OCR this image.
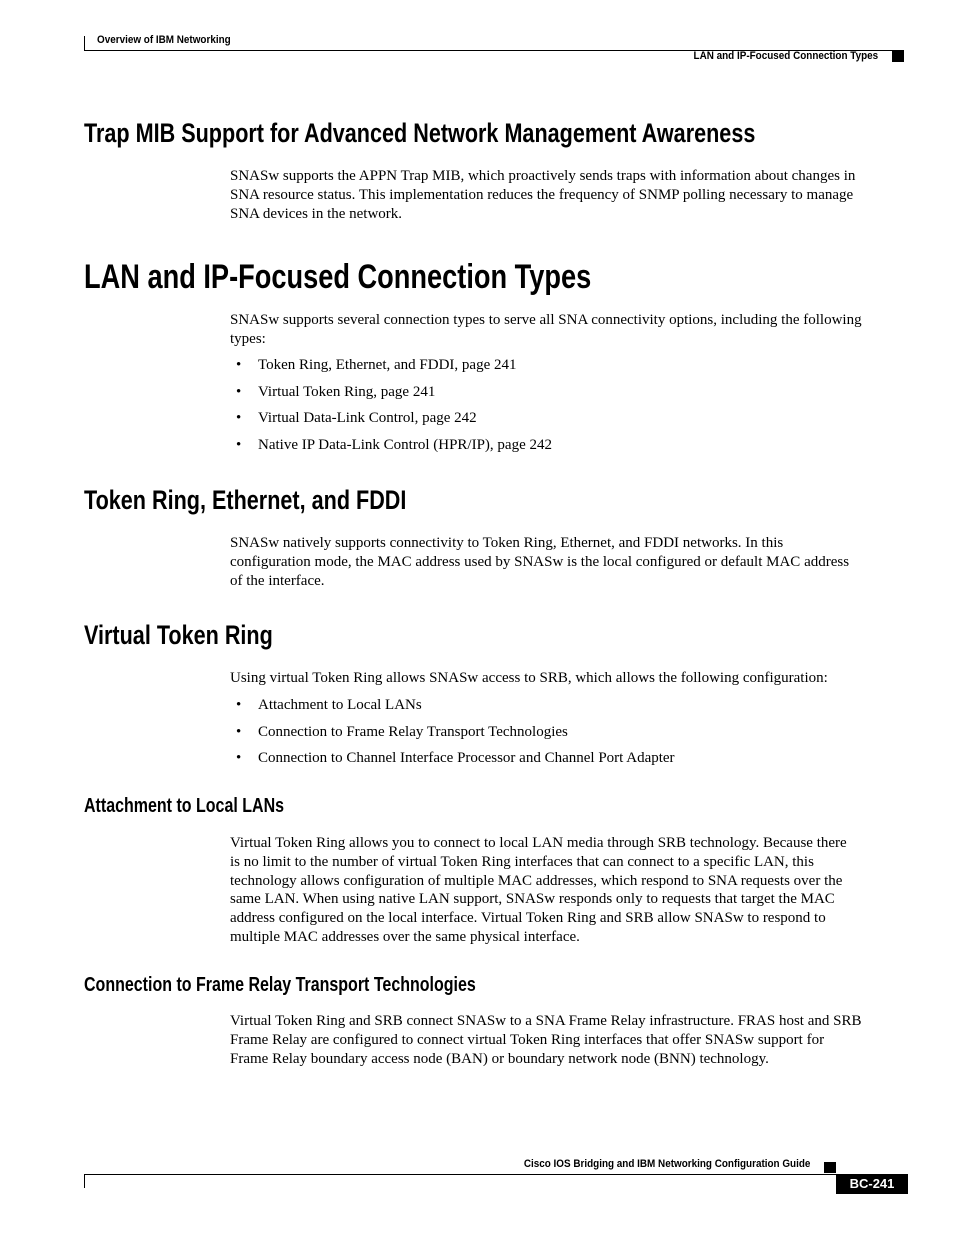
Overview of IBM Networking
LAN and IP-Focused Connection Types
Trap MIB Support for Advanced Network Management Awareness

SNASw supports the APPN Trap MIB, which proactively sends traps with information about changes in
SNA resource status. This implementation reduces the frequency of SNMP polling necessary to manage
SNA devices in the network.

LAN and IP-Focused Connection Types

SNASw supports several connection types to serve all SNA connectivity options, including the following
types:

• Token Ring, Ethernet, and FDDI, page 241
• Virtual Token Ring, page 241
• Virtual Data-Link Control, page 242
• Native IP Data-Link Control (HPR/IP), page 242
Token Ring, Ethernet, and FDDI

SNASw natively supports connectivity to Token Ring, Ethernet, and FDDI networks. In this
configuration mode, the MAC address used by SNASw is the local configured or default MAC address
of the interface.

Virtual Token Ring

Using virtual Token Ring allows SNASw access to SRB, which allows the following configuration:

• Attachment to Local LANs
• Connection to Frame Relay Transport Technologies
• Connection to Channel Interface Processor and Channel Port Adapter
Attachment to Local LANs

Virtual Token Ring allows you to connect to local LAN media through SRB technology. Because there
is no limit to the number of virtual Token Ring interfaces that can connect to a specific LAN, this
technology allows configuration of multiple MAC addresses, which respond to SNA requests over the
same LAN. When using native LAN support, SNASw responds only to requests that target the MAC
address configured on the local interface. Virtual Token Ring and SRB allow SNASw to respond to
multiple MAC addresses over the same physical interface.

Connection to Frame Relay Transport Technologies

Virtual Token Ring and SRB connect SNASw to a SNA Frame Relay infrastructure. FRAS host and SRB
Frame Relay are configured to connect virtual Token Ring interfaces that offer SNASw support for
Frame Relay boundary access node (BAN) or boundary network node (BNN) technology.

Cisco IOS Bridging and IBM Networking Configuration Guide
BC-241
